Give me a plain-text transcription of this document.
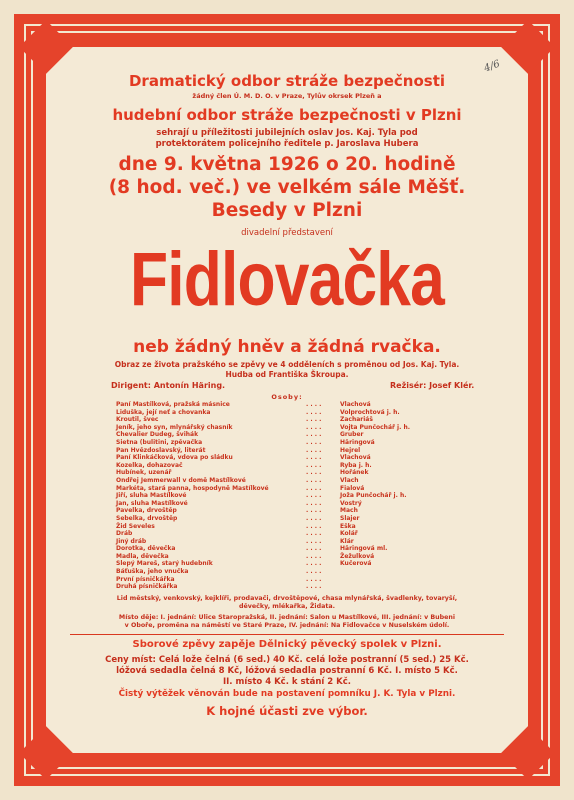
4/6
Dramatický odbor stráže bezpečnosti
žádný člen Ú. M. D. O. v Praze, Tylův okrsek Plzeň a
hudební odbor stráže bezpečnosti v Plzni
sehrají u příležitosti jubilejních oslav Jos. Kaj. Tyla pod
protektorátem policejního ředitele p. Jaroslava Hubera
dne 9. května 1926 o 20. hodině
(8 hod. več.) ve velkém sále Měšť.
Besedy v Plzni
divadelní představení
Fidlovačka
neb žádný hněv a žádná rvačka.
Obraz ze života pražského se zpěvy ve 4 odděleních s proměnou od Jos. Kaj. Tyla.
Hudba od Františka Škroupa.
Dirigent: Antonín Häring.	Režisér: Josef Klér.
Osoby:
Paní Mastílková, pražská másnice
Liduška, její neť a chovanka
Kroutil, švec
Jeník, jeho syn, mlynářský chasník
Chevalier Dudeg, švihák
Sietna (bulitini, zpěvačka
Pan Hvězdoslavský, literát
Paní Klinkáčková, vdova po sládku
Kozelka, dohazovač
Hubínek, uzenář
Ondřej Jemmerwall v domě Mastílkové
Markéta, stará panna, hospodyně Mastílkové
Jiří, sluha Mastílkové
Jan, sluha Mastílkové
Pavelka, drvoštěp
Sebelka, drvoštěp
Žid Seveles
Dráb
Jiný dráb
Dorotka, děvečka
Madla, děvečka
Slepý Mareš, starý hudebník
Báťuška, jeho vnučka
První písničkářka
Druhá písničkářka
. . . .
. . . .
. . . .
. . . .
. . . .
. . . .
. . . .
. . . .
. . . .
. . . .
. . . .
. . . .
. . . .
. . . .
. . . .
. . . .
. . . .
. . . .
. . . .
. . . .
. . . .
. . . .
. . . .
. . . .
. . . .
Vlachová
Volprochtová j. h.
Zachariáš
Vojta Punčochář j. h.
Gruber
Häringová
Hejrel
Vlachová
Ryba j. h.
Hořánek
Vlach
Fialová
Joža Punčochář j. h.
Vostrý
Mach
Slajer
Eška
Kolář
Klár
Häringová ml.
Žežulková
Kučerová
Lid městský, venkovský, kejklíři, prodavači, drvoštěpové, chasa mlynářská, švadlenky, tovaryší,
děvečky, mlékařka, Židata.
Místo děje: I. jednání: Ulice Staropražská, II. jednání: Salon u Mastílkové, III. jednání: v Bubeni
v Oboře, proměna na náměstí ve Staré Praze, IV. jednání: Na Fidlovačce v Nuselském údolí.
Sborové zpěvy zapěje Dělnický pěvecký spolek v Plzni.
Ceny míst: Celá lože čelná (6 sed.) 40 Kč. celá lože postranní (5 sed.) 25 Kč.
lóžová sedadla čelná 8 Kč, lóžová sedadla postranní 6 Kč. I. místo 5 Kč.
II. místo 4 Kč. k stání 2 Kč.
Čistý výtěžek věnován bude na postavení pomníku J. K. Tyla v Plzni.
K hojné účasti zve výbor.
